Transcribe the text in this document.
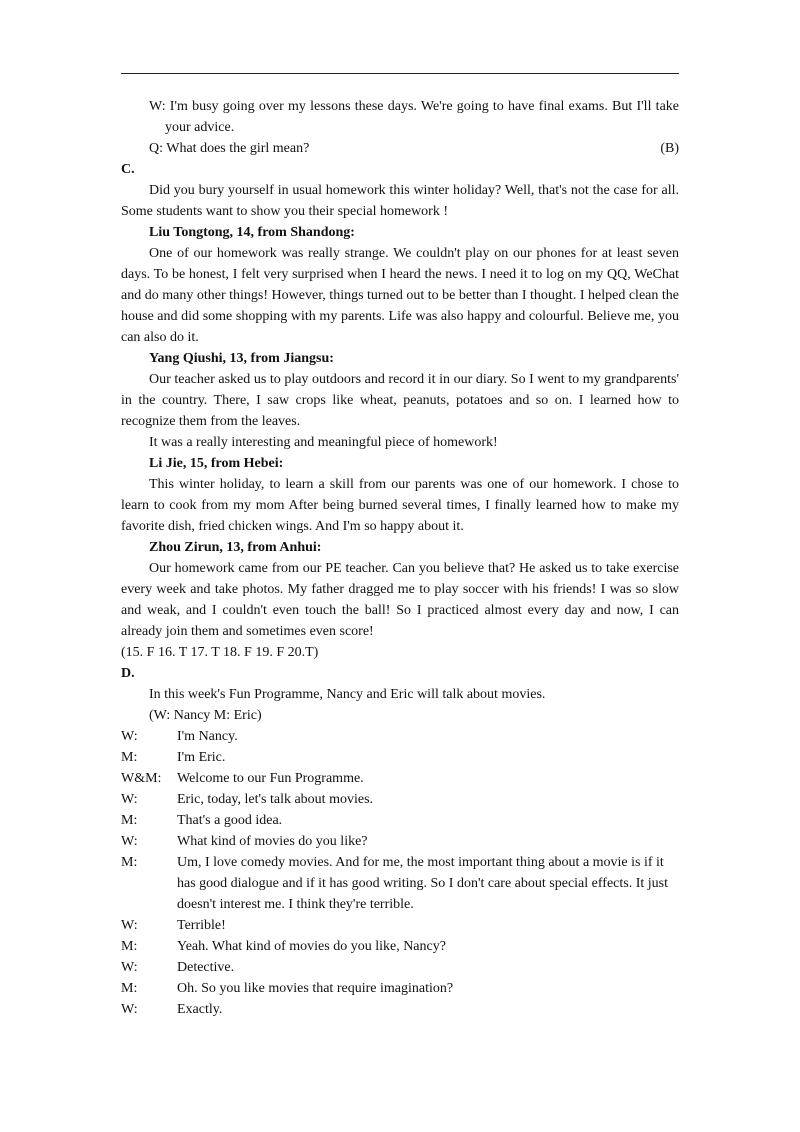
W: I'm busy going over my lessons these days. We're going to have final exams. But I'll take your advice.

Q: What does the girl mean?	(B)

C.

Did you bury yourself in usual homework this winter holiday? Well, that's not the case for all. Some students want to show you their special homework !

Liu Tongtong, 14, from Shandong:

One of our homework was really strange. We couldn't play on our phones for at least seven days. To be honest, I felt very surprised when I heard the news. I need it to log on my QQ, WeChat and do many other things! However, things turned out to be better than I thought. I helped clean the house and did some shopping with my parents. Life was also happy and colourful. Believe me, you can also do it.

Yang Qiushi, 13, from Jiangsu:

Our teacher asked us to play outdoors and record it in our diary. So I went to my grandparents' in the country. There, I saw crops like wheat, peanuts, potatoes and so on. I learned how to recognize them from the leaves.

It was a really interesting and meaningful piece of homework!

Li Jie, 15, from Hebei:

This winter holiday, to learn a skill from our parents was one of our homework. I chose to learn to cook from my mom After being burned several times, I finally learned how to make my favorite dish, fried chicken wings. And I'm so happy about it.

Zhou Zirun, 13, from Anhui:

Our homework came from our PE teacher. Can you believe that? He asked us to take exercise every week and take photos. My father dragged me to play soccer with his friends! I was so slow and weak, and I couldn't even touch the ball! So I practiced almost every day and now, I can already join them and sometimes even score!

(15. F 16. T 17. T 18. F 19. F 20.T)

D.

In this week's Fun Programme, Nancy and Eric will talk about movies.

(W: Nancy M: Eric)

W:	I'm Nancy.
M:	I'm Eric.
W&M:	Welcome to our Fun Programme.
W:	Eric, today, let's talk about movies.
M:	That's a good idea.
W:	What kind of movies do you like?
M:	Um, I love comedy movies. And for me, the most important thing about a movie is if it has good dialogue and if it has good writing. So I don't care about special effects. It just doesn't interest me. I think they're terrible.
W:	Terrible!
M:	Yeah. What kind of movies do you like, Nancy?
W:	Detective.
M:	Oh. So you like movies that require imagination?
W:	Exactly.
